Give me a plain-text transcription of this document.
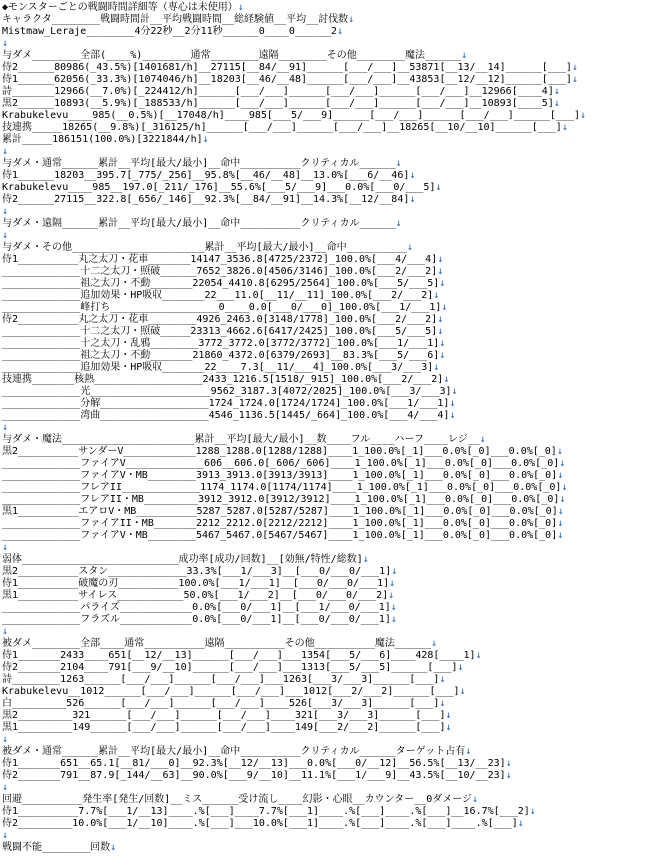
◆モンスターごとの戦闘時間詳細等（専心は未使用）↓
キャラクタ________戦闘時間計__平均戦闘時間__総経験値__平均__討伐数↓
Mistmaw_Leraje________4分22秒__2分11秒______0____0______2↓
↓
与ダメ________全部(____%)________通常________遠隔________その他________魔法______↓
侍2______80986(_43.5%)[1401681/h]__27115[__84/__91]______[___/___]__53871[__13/__14]______[___]↓
侍1______62056(_33.3%)[1074046/h]__18203[__46/__48]______[___/___]__43853[__12/__12]______[___]↓
詩_______12966(__7.0%)[_224412/h]______[___/___]______[___/___]______[___/___]__12966[____4]↓
黒2______10893(__5.9%)[_188533/h]______[___/___]______[___/___]______[___/___]__10893[____5]↓
Krabukelevu____985(__0.5%)[__17048/h]____985[___5/___9]______[___/___]______[___/___]______[___]↓
技連携_____18265(__9.8%)[_316125/h]______[___/___]______[___/___]__18265[__10/__10]______[___]↓
累計_____186151(100.0%)[3221844/h]↓
↓
与ダメ・通常______累計__平均[最大/最小]__命中__________クリティカル______↓
侍1______18203__395.7[_775/_256]__95.8%[__46/__48]__13.0%[___6/__46]↓
Krabukelevu____985__197.0[_211/_176]__55.6%[___5/___9]___0.0%[___0/___5]↓
侍2______27115__322.8[_656/_146]__92.3%[__84/__91]__14.3%[__12/__84]↓
↓
与ダメ・遠隔______累計__平均[最大/最小]__命中__________クリティカル______↓
↓
与ダメ・その他______________________累計__平均[最大/最小]__命中__________↓
侍1__________丸之太刀・花車_______14147_3536.8[4725/2372]_100.0%[___4/___4]↓
_____________十二之太刀・照破______7652_3826.0[4506/3146]_100.0%[___2/___2]↓
_____________祖之太刀・不動_______22054_4410.8[6295/2564]_100.0%[___5/___5]↓
_____________追加効果・HP吸収_______22___11.0[__11/__11]_100.0%[___2/___2]↓
_____________峰打ち__________________0____0.0[___0/___0]_100.0%[___1/___1]↓
侍2__________丸之太刀・花車________4926_2463.0[3148/1778]_100.0%[___2/___2]↓
_____________十二之太刀・照破_____23313_4662.6[6417/2425]_100.0%[___5/___5]↓
_____________十之太刀・乱鴉________3772_3772.0[3772/3772]_100.0%[___1/___1]↓
_____________祖之太刀・不動_______21860_4372.0[6379/2693]__83.3%[___5/___6]↓
_____________追加効果・HP吸収_______22____7.3[__11/___4]_100.0%[___3/___3]↓
技連携_______核熱__________________2433_1216.5[1518/_915]_100.0%[___2/___2]↓
_____________光____________________9562_3187.3[4072/2025]_100.0%[___3/___3]↓
_____________分解__________________1724_1724.0[1724/1724]_100.0%[___1/___1]↓
_____________湾曲__________________4546_1136.5[1445/_664]_100.0%[___4/___4]↓
↓
与ダメ・魔法______________________累計__平均[最大/最小]__数____フル____ハーフ____レジ__↓
黒2__________サンダーV____________1288_1288.0[1288/1288]____1_100.0%[_1]___0.0%[_0]___0.0%[_0]↓
_____________ファイアV_____________606__606.0[_606/_606]____1_100.0%[_1]___0.0%[_0]___0.0%[_0]↓
_____________ファイアV・MB________3913_3913.0[3913/3913]____1_100.0%[_1]___0.0%[_0]___0.0%[_0]↓
_____________フレアII_____________1174_1174.0[1174/1174]____1_100.0%[_1]___0.0%[_0]___0.0%[_0]↓
_____________フレアII・MB_________3912_3912.0[3912/3912]____1_100.0%[_1]___0.0%[_0]___0.0%[_0]↓
黒1__________エアロV・MB__________5287_5287.0[5287/5287]____1_100.0%[_1]___0.0%[_0]___0.0%[_0]↓
_____________ファイアII・MB_______2212_2212.0[2212/2212]____1_100.0%[_1]___0.0%[_0]___0.0%[_0]↓
_____________ファイアV・MB________5467_5467.0[5467/5467]____1_100.0%[_1]___0.0%[_0]___0.0%[_0]↓
↓
弱体__________________________成功率[成功/回数]__[効無/特性/総数]↓
黒2__________スタン_____________33.3%[___1/___3]__[___0/___0/___1]↓
侍1__________破魔の刃__________100.0%[___1/___1]__[___0/___0/___1]↓
黒1__________サイレス___________50.0%[___1/___2]__[___0/___0/___2]↓
_____________パライズ____________0.0%[___0/___1]__[___1/___0/___1]↓
_____________フラズル____________0.0%[___0/___1]__[___0/___0/___1]↓
↓
被ダメ________全部____通常__________遠隔__________その他__________魔法______↓
侍1_______2433____651[__12/__13]______[___/___]___1354[___5/___6]____428[____1]↓
侍2_______2104____791[___9/__10]______[___/___]___1313[___5/___5]______[___]↓
詩________1263______[___/___]______[___/___]___1263[___3/___3]______[___]↓
Krabukelevu__1012______[___/___]______[___/___]___1012[___2/___2]______[___]↓
白_________526______[___/___]______[___/___]____526[___3/___3]______[___]↓
黒2_________321______[___/___]______[___/___]____321[___3/___3]______[___]↓
黒1_________149______[___/___]______[___/___]____149[___2/___2]______[___]↓
↓
被ダメ・通常______累計__平均[最大/最小]__命中__________クリティカル______ターゲット占有↓
侍1_______651__65.1[__81/___0]__92.3%[__12/__13]___0.0%[___0/__12]__56.5%[__13/__23]↓
侍2_______791__87.9[_144/__63]__90.0%[___9/__10]__11.1%[___1/___9]__43.5%[__10/__23]↓
↓
回避__________発生率[発生/回数]__ミス______受け流し____幻影・心眼__カウンター__0ダメージ↓
侍1__________7.7%[___1/__13]____.%[___]____7.7%[___1]____.%[___]____.%[___]__16.7%[___2]↓
侍2_________10.0%[___1/__10]____.%[___]___10.0%[___1]____.%[___]____.%[___]____.%[___]↓
↓
戦闘不能________回数↓
